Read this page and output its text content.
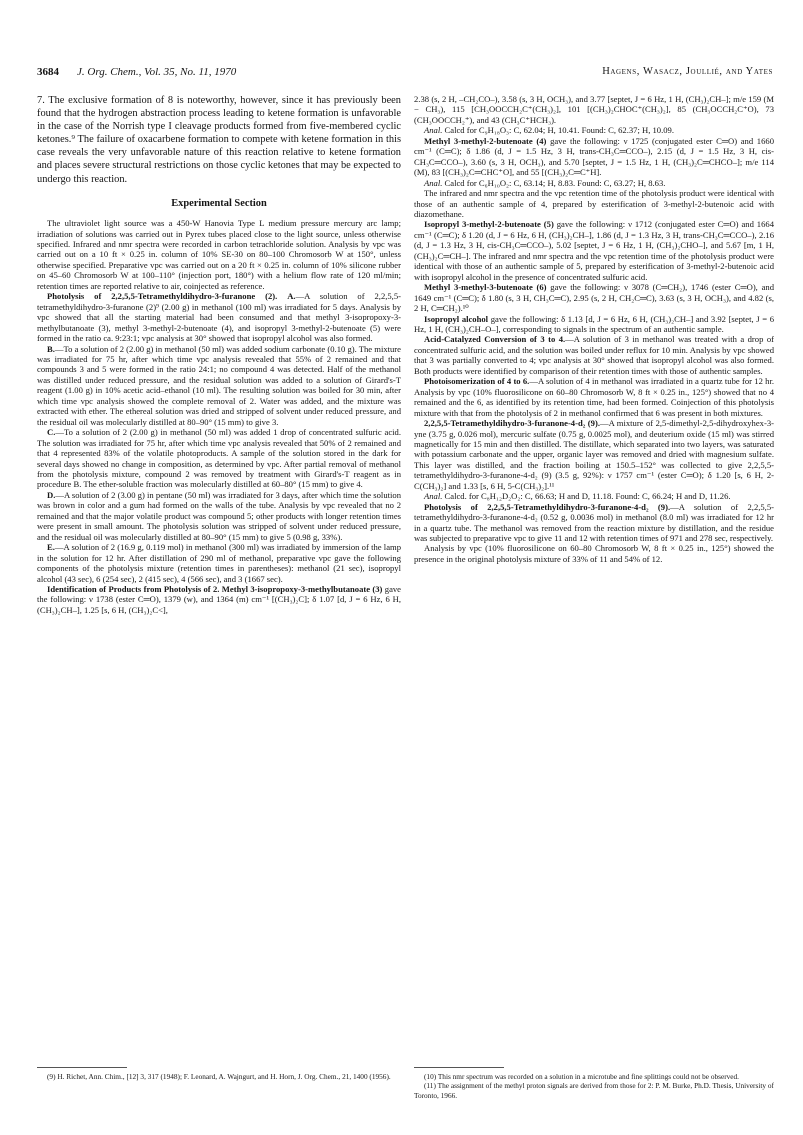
3684 J. Org. Chem., Vol. 35, No. 11, 1970	Hagens, Wasacz, Joullié, and Yates

7. The exclusive formation of 8 is noteworthy, however, since it has previously been found that the hydrogen abstraction process leading to ketene formation is unfavorable in the case of the Norrish type I cleavage products formed from five-membered cyclic ketones.⁹ The failure of oxacarbene formation to compete with ketene formation in this case reveals the very unfavorable nature of this reaction relative to ketene formation and places severe structural restrictions on those cyclic ketones that may be expected to undergo this reaction.

Experimental Section

The ultraviolet light source was a 450-W Hanovia Type L medium pressure mercury arc lamp; irradiation of solutions was carried out in Pyrex tubes placed close to the light source, unless otherwise specified. Infrared and nmr spectra were recorded in carbon tetrachloride solution. Analysis by vpc was carried out on a 10 ft × 0.25 in. column of 10% SE-30 on 80–100 Chromosorb W at 150°, unless otherwise specified. Preparative vpc was carried out on a 20 ft × 0.25 in. column of 10% silicone rubber on 45–60 Chromosorb W at 100–110° (injection port, 180°) with a helium flow rate of 120 ml/min; retention times are reported relative to air, coinjected as reference.

Photolysis of 2,2,5,5-Tetramethyldihydro-3-furanone (2). A.—A solution of 2,2,5,5-tetramethyldihydro-3-furanone (2)⁹ (2.00 g) in methanol (100 ml) was irradiated for 5 days. Analysis by vpc showed that all the starting material had been consumed and that methyl 3-isopropoxy-3-methylbutanoate (3), methyl 3-methyl-2-butenoate (4), and isopropyl 3-methyl-2-butenoate (5) were formed in the ratio ca. 9:23:1; vpc analysis at 30° showed that isopropyl alcohol was also formed.

B.—To a solution of 2 (2.00 g) in methanol (50 ml) was added sodium carbonate (0.10 g). The mixture was irradiated for 75 hr, after which time vpc analysis revealed that 55% of 2 remained and that compounds 3 and 5 were formed in the ratio 24:1; no compound 4 was detected. Half of the methanol was distilled under reduced pressure, and the residual solution was added to a solution of Girard's-T reagent (1.00 g) in 10% acetic acid–ethanol (10 ml). The resulting solution was boiled for 30 min, after which time vpc analysis showed the complete removal of 2. Water was added, and the mixture was extracted with ether. The ethereal solution was dried and stripped of solvent under reduced pressure, and the residual oil was molecularly distilled at 80–90° (15 mm) to give 3.

C.—To a solution of 2 (2.00 g) in methanol (50 ml) was added 1 drop of concentrated sulfuric acid. The solution was irradiated for 75 hr, after which time vpc analysis revealed that 50% of 2 remained and that 4 represented 83% of the volatile photoproducts. A sample of the solution stored in the dark for several days showed no change in composition, as determined by vpc. After partial removal of methanol from the photolysis mixture, compound 2 was removed by treatment with Girard's-T reagent as in procedure B. The ether-soluble fraction was molecularly distilled at 60–80° (15 mm) to give 4.

D.—A solution of 2 (3.00 g) in pentane (50 ml) was irradiated for 3 days, after which time the solution was brown in color and a gum had formed on the walls of the tube. Analysis by vpc revealed that no 2 remained and that the major volatile product was compound 5; other products with longer retention times were present in small amount. The photolysis solution was stripped of solvent under reduced pressure, and the residual oil was molecularly distilled at 80–90° (15 mm) to give 5 (0.98 g, 33%).

E.—A solution of 2 (16.9 g, 0.119 mol) in methanol (300 ml) was irradiated by immersion of the lamp in the solution for 12 hr. After distillation of 290 ml of methanol, preparative vpc gave the following components of the photolysis mixture (retention times in parentheses): methanol (21 sec), isopropyl alcohol (43 sec), 6 (254 sec), 2 (415 sec), 4 (566 sec), and 3 (1667 sec).

Identification of Products from Photolysis of 2. Methyl 3-isopropoxy-3-methylbutanoate (3) gave the following: ν 1738 (ester C═O), 1379 (w), and 1364 (m) cm⁻¹ [(CH₃)₂C]; δ 1.07 [d, J = 6 Hz, 6 H, (CH₃)₂CH–], 1.25 [s, 6 H, (CH₃)₂C<],

2.38 (s, 2 H, –CH₂CO–), 3.58 (s, 3 H, OCH₃), and 3.77 [septet, J = 6 Hz, 1 H, (CH₃)₂CH–]; m/e 159 (M − CH₃), 115 [CH₃OOCCH₂C⁺(CH₃)₂], 101 [(CH₃)₂CHOC⁺(CH₃)₂], 85 (CH₃OCCH₂C⁺O), 73 (CH₃OOCCH₂⁺), and 43 (CH₃C⁺HCH₃).

Anal. Calcd for C₉H₁₈O₃: C, 62.04; H, 10.41. Found: C, 62.37; H, 10.09.

Methyl 3-methyl-2-butenoate (4) gave the following: ν 1725 (conjugated ester C═O) and 1660 cm⁻¹ (C═C); δ 1.86 (d, J = 1.5 Hz, 3 H, trans-CH₃C═CCO–), 2.15 (d, J = 1.5 Hz, 3 H, cis-CH₃C═CCO–), 3.60 (s, 3 H, OCH₃), and 5.70 [septet, J = 1.5 Hz, 1 H, (CH₃)₂C═CHCO–]; m/e 114 (M), 83 [(CH₃)₂C═CHC⁺O], and 55 [(CH₃)₂C═C⁺H].

Anal. Calcd for C₆H₁₀O₂: C, 63.14; H, 8.83. Found: C, 63.27; H, 8.63.

The infrared and nmr spectra and the vpc retention time of the photolysis product were identical with those of an authentic sample of 4, prepared by esterification of 3-methyl-2-butenoic acid with diazomethane.

Isopropyl 3-methyl-2-butenoate (5) gave the following: ν 1712 (conjugated ester C═O) and 1664 cm⁻¹ (C═C); δ 1.20 (d, J = 6 Hz, 6 H, (CH₃)₂CH–], 1.86 (d, J = 1.3 Hz, 3 H, trans-CH₃C═CCO–), 2.16 (d, J = 1.3 Hz, 3 H, cis-CH₃C═CCO–), 5.02 [septet, J = 6 Hz, 1 H, (CH₃)₂CHO–], and 5.67 [m, 1 H, (CH₃)₂C═CH–]. The infrared and nmr spectra and the vpc retention time of the photolysis product were identical with those of an authentic sample of 5, prepared by esterification of 3-methyl-2-butenoic acid with isopropyl alcohol in the presence of concentrated sulfuric acid.

Methyl 3-methyl-3-butenoate (6) gave the following: ν 3078 (C═CH₂), 1746 (ester C═O), and 1649 cm⁻¹ (C═C); δ 1.80 (s, 3 H, CH₃C═C), 2.95 (s, 2 H, CH₂C═C), 3.63 (s, 3 H, OCH₃), and 4.82 (s, 2 H, C═CH₂).¹⁰

Isopropyl alcohol gave the following: δ 1.13 [d, J = 6 Hz, 6 H, (CH₃)₂CH–] and 3.92 [septet, J = 6 Hz, 1 H, (CH₃)₂CH–O–], corresponding to signals in the spectrum of an authentic sample.

Acid-Catalyzed Conversion of 3 to 4.—A solution of 3 in methanol was treated with a drop of concentrated sulfuric acid, and the solution was boiled under reflux for 10 min. Analysis by vpc showed that 3 was partially converted to 4; vpc analysis at 30° showed that isopropyl alcohol was also formed. Both products were identified by comparison of their retention times with those of authentic samples.

Photoisomerization of 4 to 6.—A solution of 4 in methanol was irradiated in a quartz tube for 12 hr. Analysis by vpc (10% fluorosilicone on 60–80 Chromosorb W, 8 ft × 0.25 in., 125°) showed that no 4 remained and the 6, as identified by its retention time, had been formed. Coinjection of this photolysis mixture with that from the photolysis of 2 in methanol confirmed that 6 was present in both mixtures.

2,2,5,5-Tetramethyldihydro-3-furanone-4-d₂ (9).—A mixture of 2,5-dimethyl-2,5-dihydroxyhex-3-yne (3.75 g, 0.026 mol), mercuric sulfate (0.75 g, 0.0025 mol), and deuterium oxide (15 ml) was stirred magnetically for 15 min and then distilled. The distillate, which separated into two layers, was saturated with potassium carbonate and the upper, organic layer was removed and dried with magnesium sulfate. This layer was distilled, and the fraction boiling at 150.5–152° was collected to give 2,2,5,5-tetramethyldihydro-3-furanone-4-d₂ (9) (3.5 g, 92%): ν 1757 cm⁻¹ (ester C═O); δ 1.20 [s, 6 H, 2-C(CH₃)₂] and 1.33 [s, 6 H, 5-C(CH₃)₂].¹¹

Anal. Calcd. for C₈H₁₂D₂O₂: C, 66.63; H and D, 11.18. Found: C, 66.24; H and D, 11.26.

Photolysis of 2,2,5,5-Tetramethyldihydro-3-furanone-4-d₂ (9).—A solution of 2,2,5,5-tetramethyldihydro-3-furanone-4-d₂ (0.52 g, 0.0036 mol) in methanol (8.0 ml) was irradiated for 12 hr in a quartz tube. The methanol was removed from the reaction mixture by distillation, and the residue was subjected to preparative vpc to give 11 and 12 with retention times of 971 and 278 sec, respectively.

Analysis by vpc (10% fluorosilicone on 60–80 Chromosorb W, 8 ft × 0.25 in., 125°) showed the presence in the original photolysis mixture of 33% of 11 and 54% of 12.

(9) H. Richet, Ann. Chim., [12] 3, 317 (1948); F. Leonard, A. Wajngurt, and H. Horn, J. Org. Chem., 21, 1400 (1956).	(10) This nmr spectrum was recorded on a solution in a microtube and fine splittings could not be observed.

(11) The assignment of the methyl proton signals are derived from those for 2: P. M. Burke, Ph.D. Thesis, University of Toronto, 1966.
